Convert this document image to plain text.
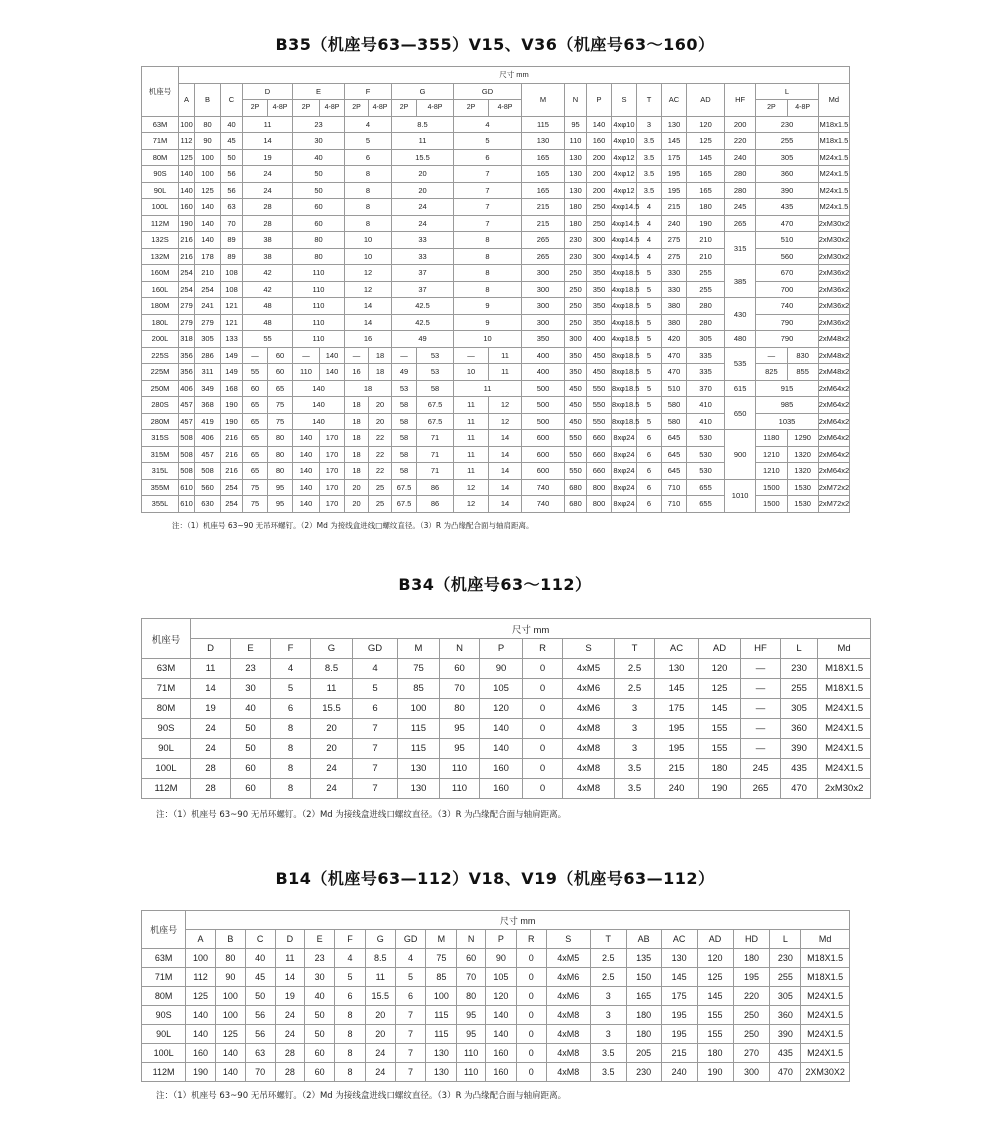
B35（机座号63—355）V15、V36（机座号63～160）
机座号	尺寸 mm																							
	A	B	C	D		E		F		G		GD		M	N	P	S	T	AC	AD	HF	L		Md
				2P	4-8P	2P	4-8P	2P	4-8P	2P	4-8P	2P	4-8P									2P	4-8P	
63M	100	80	40	11		23		4		8.5		4		115	95	140	4xφ10	3	130	120	200	230		M18x1.5
71M	112	90	45	14		30		5		11		5		130	110	160	4xφ10	3.5	145	125	220	255		M18x1.5
80M	125	100	50	19		40		6		15.5		6		165	130	200	4xφ12	3.5	175	145	240	305		M24x1.5
90S	140	100	56	24		50		8		20		7		165	130	200	4xφ12	3.5	195	165	280	360		M24x1.5
90L	140	125	56	24		50		8		20		7		165	130	200	4xφ12	3.5	195	165	280	390		M24x1.5
100L	160	140	63	28		60		8		24		7		215	180	250	4xφ14.5	4	215	180	245	435		M24x1.5
112M	190	140	70	28		60		8		24		7		215	180	250	4xφ14.5	4	240	190	265	470		2xM30x2
132S	216	140	89	38		80		10		33		8		265	230	300	4xφ14.5	4	275	210	315	510		2xM30x2
132M	216	178	89	38		80		10		33		8		265	230	300	4xφ14.5	4	275	210		560		2xM30x2
160M	254	210	108	42		110		12		37		8		300	250	350	4xφ18.5	5	330	255	385	670		2xM36x2
160L	254	254	108	42		110		12		37		8		300	250	350	4xφ18.5	5	330	255		700		2xM36x2
180M	279	241	121	48		110		14		42.5		9		300	250	350	4xφ18.5	5	380	280	430	740		2xM36x2
180L	279	279	121	48		110		14		42.5		9		300	250	350	4xφ18.5	5	380	280		790		2xM36x2
200L	318	305	133	55		110		16		49		10		350	300	400	4xφ18.5	5	420	305	480	790		2xM48x2
225S	356	286	149	—	60	—	140	—	18	—	53	—	11	400	350	450	8xφ18.5	5	470	335	535	—	830	2xM48x2
225M	356	311	149	55	60	110	140	16	18	49	53	10	11	400	350	450	8xφ18.5	5	470	335		825	855	2xM48x2
250M	406	349	168	60	65	140		18		53	58	11		500	450	550	8xφ18.5	5	510	370	615	915		2xM64x2
280S	457	368	190	65	75	140		18	20	58	67.5	11	12	500	450	550	8xφ18.5	5	580	410	650	985		2xM64x2
280M	457	419	190	65	75	140		18	20	58	67.5	11	12	500	450	550	8xφ18.5	5	580	410		1035		2xM64x2
315S	508	406	216	65	80	140	170	18	22	58	71	11	14	600	550	660	8xφ24	6	645	530	900	1180	1290	2xM64x2
315M	508	457	216	65	80	140	170	18	22	58	71	11	14	600	550	660	8xφ24	6	645	530		1210	1320	2xM64x2
315L	508	508	216	65	80	140	170	18	22	58	71	11	14	600	550	660	8xφ24	6	645	530		1210	1320	2xM64x2
355M	610	560	254	75	95	140	170	20	25	67.5	86	12	14	740	680	800	8xφ24	6	710	655	1010	1500	1530	2xM72x2
355L	610	630	254	75	95	140	170	20	25	67.5	86	12	14	740	680	800	8xφ24	6	710	655		1500	1530	2xM72x2
注：（1）机座号 63~90 无吊环螺钉。（2）Md 为接线盒进线□螺纹直径。（3）R 为凸缘配合面与轴肩距离。
B34（机座号63～112）
机座号	尺寸 mm															
	D	E	F	G	GD	M	N	P	R	S	T	AC	AD	HF	L	Md
63M	11	23	4	8.5	4	75	60	90	0	4xM5	2.5	130	120	—	230	M18X1.5
71M	14	30	5	11	5	85	70	105	0	4xM6	2.5	145	125	—	255	M18X1.5
80M	19	40	6	15.5	6	100	80	120	0	4xM6	3	175	145	—	305	M24X1.5
90S	24	50	8	20	7	115	95	140	0	4xM8	3	195	155	—	360	M24X1.5
90L	24	50	8	20	7	115	95	140	0	4xM8	3	195	155	—	390	M24X1.5
100L	28	60	8	24	7	130	110	160	0	4xM8	3.5	215	180	245	435	M24X1.5
112M	28	60	8	24	7	130	110	160	0	4xM8	3.5	240	190	265	470	2xM30x2
注：（1）机座号 63~90 无吊环螺钉。（2）Md 为接线盒进线口螺纹直径。（3）R 为凸缘配合面与轴肩距离。
B14（机座号63—112）V18、V19（机座号63—112）
机座号	尺寸 mm																			
	A	B	C	D	E	F	G	GD	M	N	P	R	S	T	AB	AC	AD	HD	L	Md
63M	100	80	40	11	23	4	8.5	4	75	60	90	0	4xM5	2.5	135	130	120	180	230	M18X1.5
71M	112	90	45	14	30	5	11	5	85	70	105	0	4xM6	2.5	150	145	125	195	255	M18X1.5
80M	125	100	50	19	40	6	15.5	6	100	80	120	0	4xM6	3	165	175	145	220	305	M24X1.5
90S	140	100	56	24	50	8	20	7	115	95	140	0	4xM8	3	180	195	155	250	360	M24X1.5
90L	140	125	56	24	50	8	20	7	115	95	140	0	4xM8	3	180	195	155	250	390	M24X1.5
100L	160	140	63	28	60	8	24	7	130	110	160	0	4xM8	3.5	205	215	180	270	435	M24X1.5
112M	190	140	70	28	60	8	24	7	130	110	160	0	4xM8	3.5	230	240	190	300	470	2XM30X2
注：（1）机座号 63~90 无吊环螺钉。（2）Md 为接线盒进线口螺纹直径。（3）R 为凸缘配合面与轴肩距离。
